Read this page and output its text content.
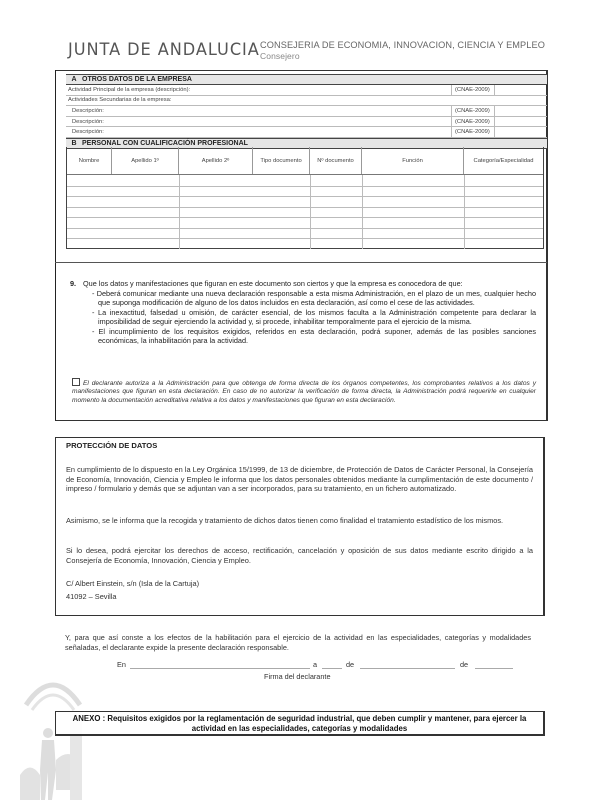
JUNTA DE ANDALUCIA CONSEJERIA DE ECONOMIA, INNOVACION, CIENCIA Y EMPLEO
Consejero
A OTROS DATOS DE LA EMPRESA
Actividad Principal de la empresa (descripción):	(CNAE-2009)
Actividades Secundarias de la empresa:
Descripción:	(CNAE-2009)
Descripción:	(CNAE-2009)
Descripción:	(CNAE-2009)
B PERSONAL CON CUALIFICACIÓN PROFESIONAL
Nombre	Apellido 1º	Apellido 2º	Tipo documento	Nº documento	Función	Categoría/Especialidad
9. Que los datos y manifestaciones que figuran en este documento son ciertos y que la empresa es conocedora de que:
- Deberá comunicar mediante una nueva declaración responsable a esta misma Administración, en el plazo de un mes, cualquier hecho que suponga modificación de alguno de los datos incluidos en esta declaración, así como el cese de las actividades.
- La inexactitud, falsedad u omisión, de carácter esencial, de los mismos faculta a la Administración competente para declarar la imposibilidad de seguir ejerciendo la actividad y, si procede, inhabilitar temporalmente para el ejercicio de la misma.
- El incumplimiento de los requisitos exigidos, referidos en esta declaración, podrá suponer, además de las posibles sanciones económicas, la inhabilitación para la actividad.
El declarante autoriza a la Administración para que obtenga de forma directa de los órganos competentes, los comprobantes relativos a los datos y manifestaciones que figuran en esta declaración. En caso de no autorizar la verificación de forma directa, la Administración podrá requerirle en cualquier momento la documentación acreditativa relativa a los datos y manifestaciones que figuran en esta declaración.
PROTECCIÓN DE DATOS
En cumplimiento de lo dispuesto en la Ley Orgánica 15/1999, de 13 de diciembre, de Protección de Datos de Carácter Personal, la Consejería de Economía, Innovación, Ciencia y Empleo le informa que los datos personales obtenidos mediante la cumplimentación de este documento / impreso / formulario y demás que se adjuntan van a ser incorporados, para su tratamiento, en un fichero automatizado.
Asimismo, se le informa que la recogida y tratamiento de dichos datos tienen como finalidad el tratamiento estadístico de los mismos.
Si lo desea, podrá ejercitar los derechos de acceso, rectificación, cancelación y oposición de sus datos mediante escrito dirigido a la Consejería de Economía, Innovación, Ciencia y Empleo.
C/ Albert Einstein, s/n (Isla de la Cartuja)
41092 – Sevilla
Y, para que así conste a los efectos de la habilitación para el ejercicio de la actividad en las especialidades, categorías y modalidades señaladas, el declarante expide la presente declaración responsable.
En	a	de	de
Firma del declarante
ANEXO : Requisitos exigidos por la reglamentación de seguridad industrial, que deben cumplir y mantener, para ejercer la actividad en las especialidades, categorías y modalidades
